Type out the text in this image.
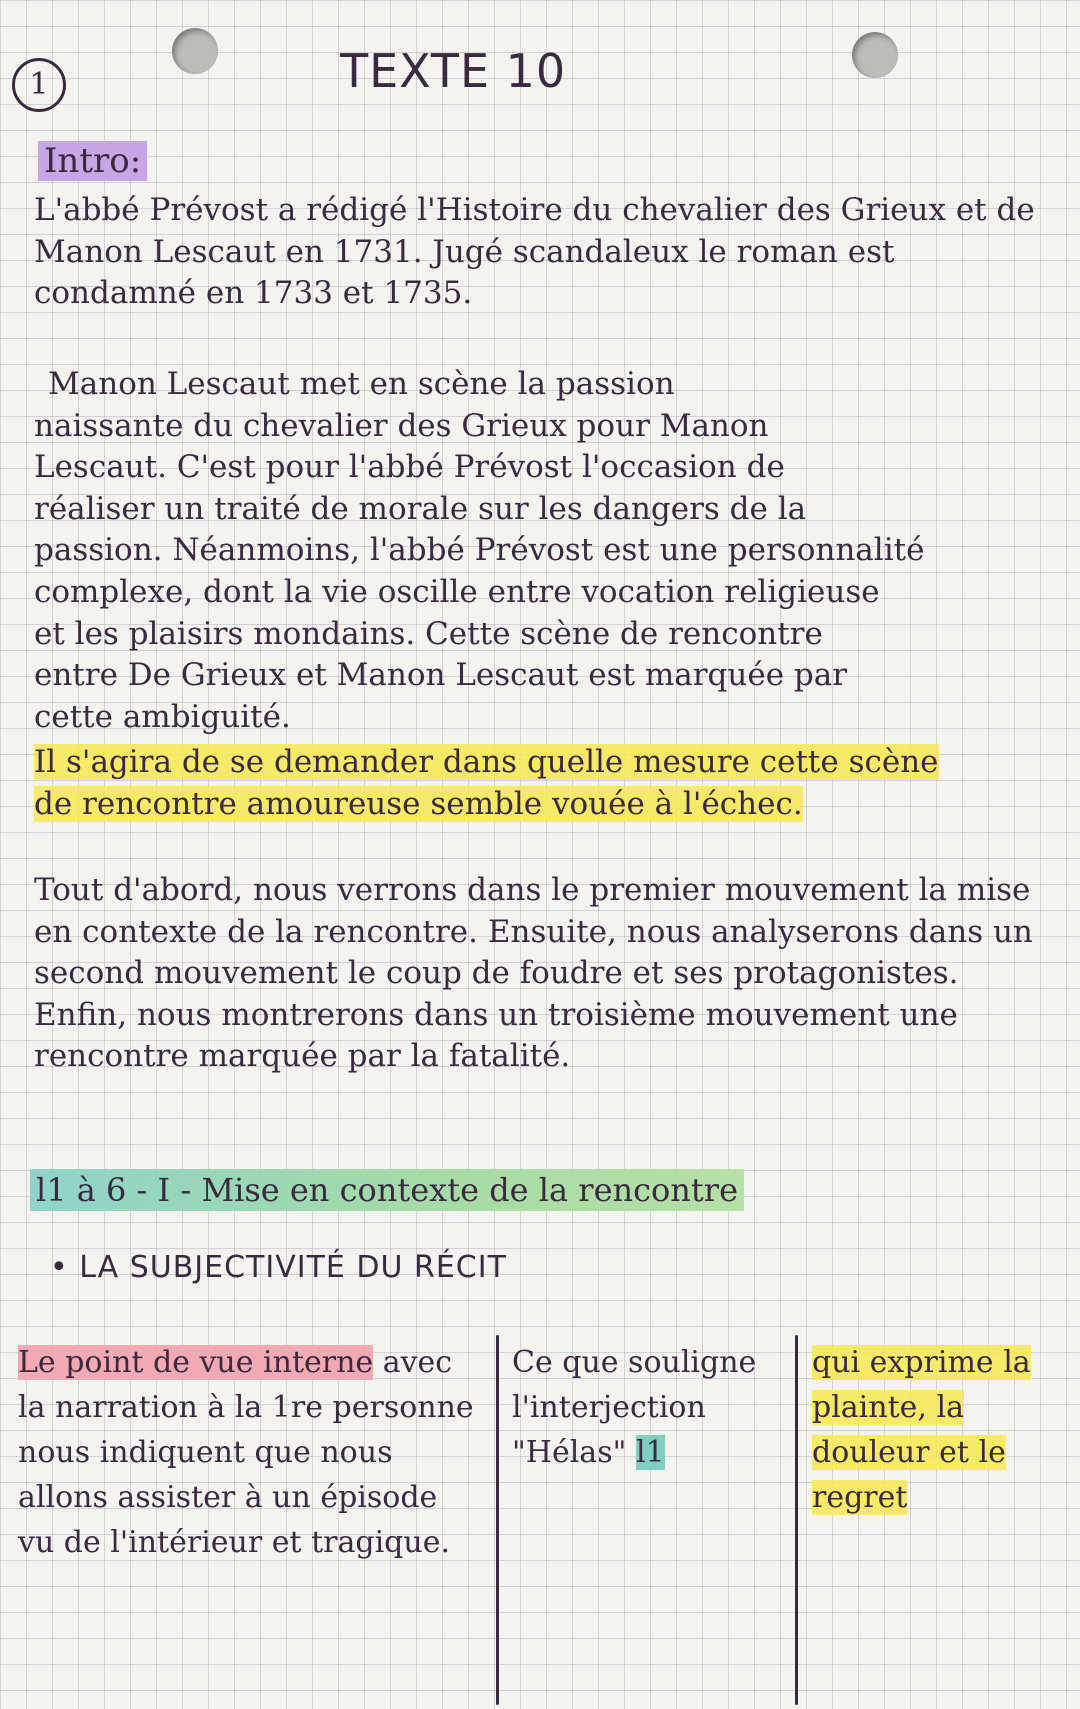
1	TEXTE 10
Intro:
L'abbé Prévost a rédigé l'Histoire du chevalier des Grieux et de Manon Lescaut en 1731. Jugé scandaleux le roman est condamné en 1733 et 1735.
Manon Lescaut met en scène la passion
naissante du chevalier des Grieux pour Manon
Lescaut. C'est pour l'abbé Prévost l'occasion de
réaliser un traité de morale sur les dangers de la
passion. Néanmoins, l'abbé Prévost est une personnalité
complexe, dont la vie oscille entre vocation religieuse
et les plaisirs mondains. Cette scène de rencontre
entre De Grieux et Manon Lescaut est marquée par
cette ambiguité.
Il s'agira de se demander dans quelle mesure cette scène de rencontre amoureuse semble vouée à l'échec.
Tout d'abord, nous verrons dans le premier mouvement la mise en contexte de la rencontre. Ensuite, nous analyserons dans un second mouvement le coup de foudre et ses protagonistes. Enfin, nous montrerons dans un troisième mouvement une rencontre marquée par la fatalité.
l1 à 6 - I - Mise en contexte de la rencontre
• LA SUBJECTIVITÉ DU RÉCIT
Le point de vue interne avec la narration à la 1re personne nous indiquent que nous allons assister à un épisode vu de l'intérieur et tragique.
Ce que souligne l'interjection "Hélas" l1
qui exprime la plainte, la douleur et le regret
